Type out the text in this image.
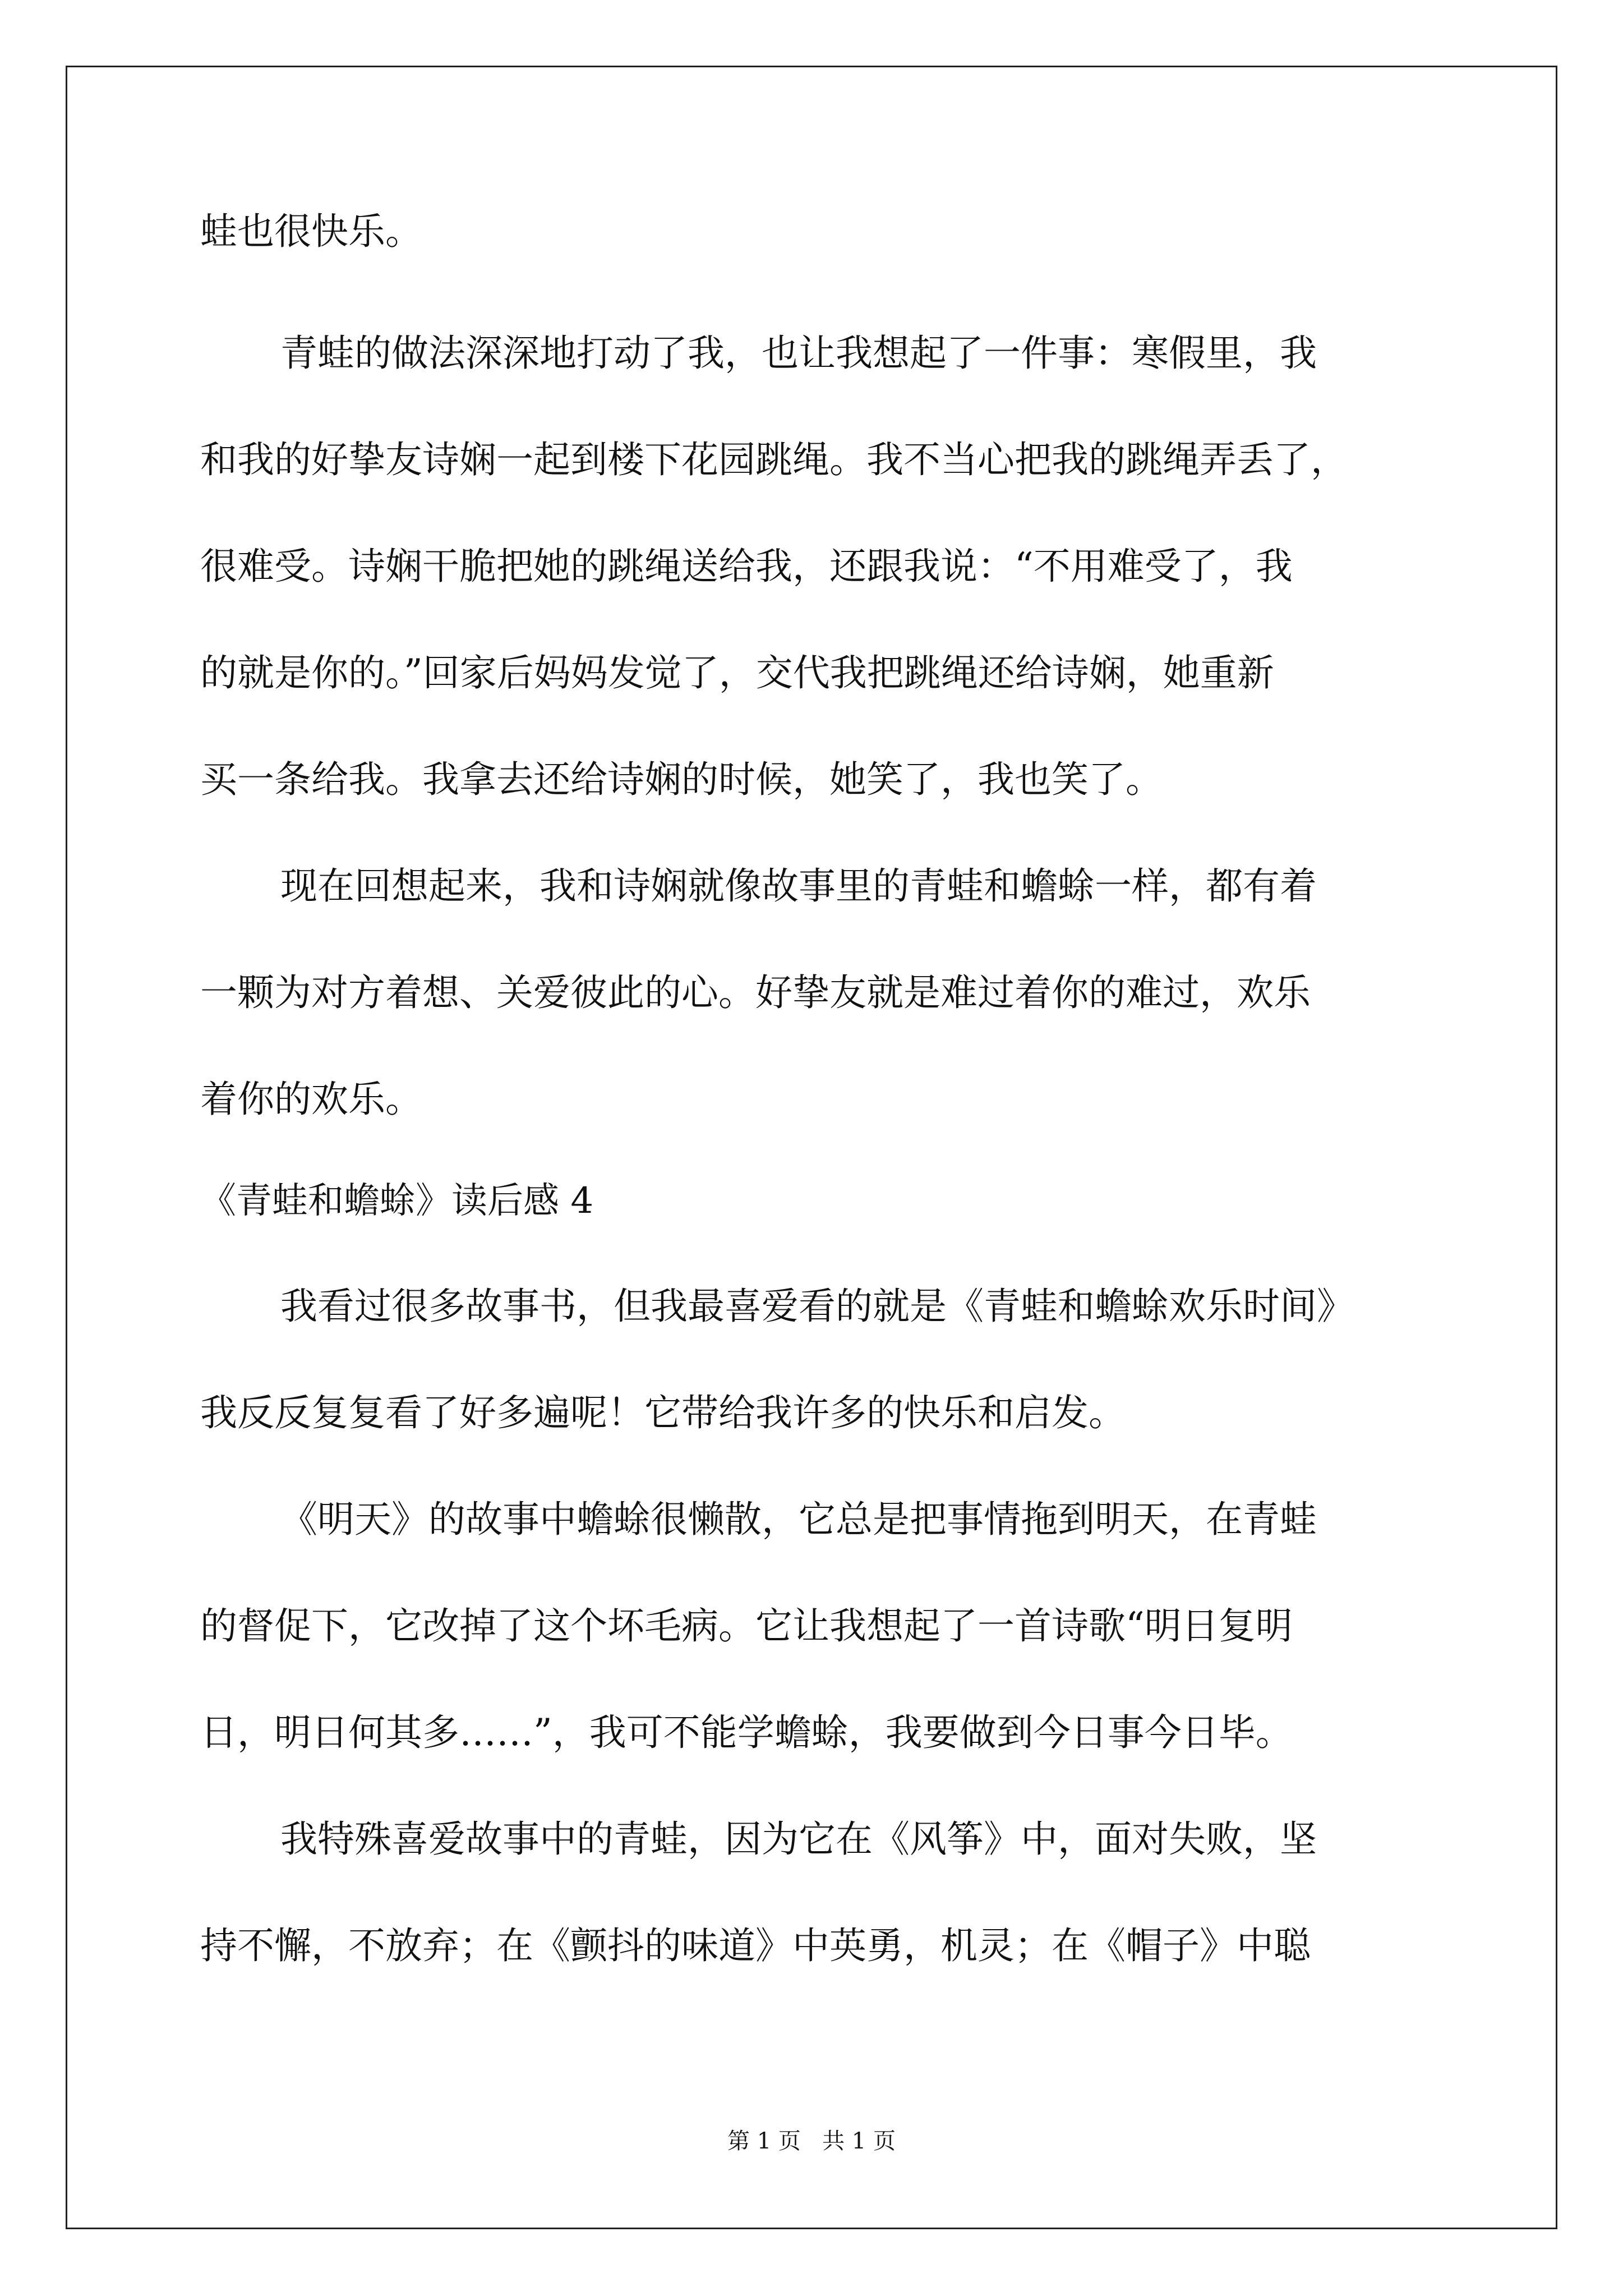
蛙也很快乐。
青蛙的做法深深地打动了我，也让我想起了一件事：寒假里，我
和我的好挚友诗娴一起到楼下花园跳绳。我不当心把我的跳绳弄丢了，
很难受。诗娴干脆把她的跳绳送给我，还跟我说：“不用难受了，我
的就是你的。”回家后妈妈发觉了，交代我把跳绳还给诗娴，她重新
买一条给我。我拿去还给诗娴的时候，她笑了，我也笑了。
现在回想起来，我和诗娴就像故事里的青蛙和蟾蜍一样，都有着
一颗为对方着想、关爱彼此的心。好挚友就是难过着你的难过，欢乐
着你的欢乐。
《青蛙和蟾蜍》读后感 4
我看过很多故事书，但我最喜爱看的就是《青蛙和蟾蜍欢乐时间》
我反反复复看了好多遍呢！它带给我许多的快乐和启发。
《明天》的故事中蟾蜍很懒散，它总是把事情拖到明天，在青蛙
的督促下，它改掉了这个坏毛病。它让我想起了一首诗歌“明日复明
日，明日何其多……”，我可不能学蟾蜍，我要做到今日事今日毕。
我特殊喜爱故事中的青蛙，因为它在《风筝》中，面对失败，坚
持不懈，不放弃；在《颤抖的味道》中英勇，机灵；在《帽子》中聪
第 1 页   共 1 页
